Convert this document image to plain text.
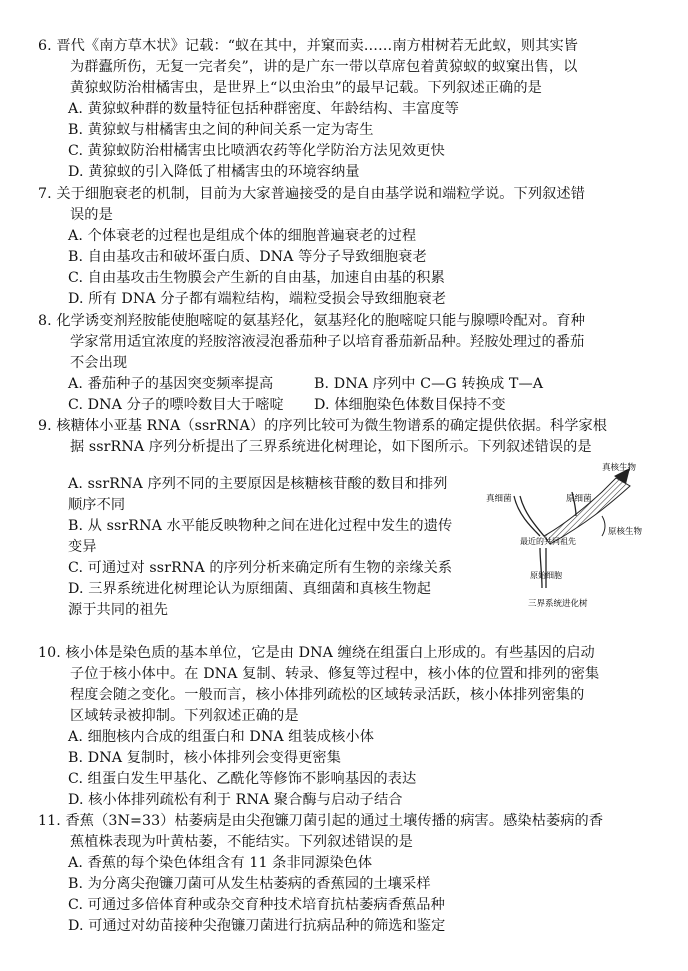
6. 晋代《南方草木状》记载：“蚁在其中，并窠而卖……南方柑树若无此蚁，则其实皆
为群蠹所伤，无复一完者矣”，讲的是广东一带以草席包着黄猄蚁的蚁窠出售，以
黄猄蚁防治柑橘害虫，是世界上“以虫治虫”的最早记载。下列叙述正确的是
A. 黄猄蚁种群的数量特征包括种群密度、年龄结构、丰富度等
B. 黄猄蚁与柑橘害虫之间的种间关系一定为寄生
C. 黄猄蚁防治柑橘害虫比喷洒农药等化学防治方法见效更快
D. 黄猄蚁的引入降低了柑橘害虫的环境容纳量
7. 关于细胞衰老的机制，目前为大家普遍接受的是自由基学说和端粒学说。下列叙述错
误的是
A. 个体衰老的过程也是组成个体的细胞普遍衰老的过程
B. 自由基攻击和破坏蛋白质、DNA 等分子导致细胞衰老
C. 自由基攻击生物膜会产生新的自由基，加速自由基的积累
D. 所有 DNA 分子都有端粒结构，端粒受损会导致细胞衰老
8. 化学诱变剂羟胺能使胞嘧啶的氨基羟化，氨基羟化的胞嘧啶只能与腺嘌呤配对。育种
学家常用适宜浓度的羟胺溶液浸泡番茄种子以培育番茄新品种。羟胺处理过的番茄
不会出现
A. 番茄种子的基因突变频率提高	B. DNA 序列中 C—G 转换成 T—A
C. DNA 分子的嘌呤数目大于嘧啶 D. 体细胞染色体数目保持不变
9. 核糖体小亚基 RNA（ssrRNA）的序列比较可为微生物谱系的确定提供依据。科学家根
据 ssrRNA 序列分析提出了三界系统进化树理论，如下图所示。下列叙述错误的是
A. ssrRNA 序列不同的主要原因是核糖核苷酸的数目和排列
顺序不同
B. 从 ssrRNA 水平能反映物种之间在进化过程中发生的遗传
变异
C. 可通过对 ssrRNA 的序列分析来确定所有生物的亲缘关系
D. 三界系统进化树理论认为原细菌、真细菌和真核生物起
源于共同的祖先
真核生物
真细菌	原细菌
原核生物
最近的共同祖先
原始细胞
三界系统进化树
10. 核小体是染色质的基本单位，它是由 DNA 缠绕在组蛋白上形成的。有些基因的启动
子位于核小体中。在 DNA 复制、转录、修复等过程中，核小体的位置和排列的密集
程度会随之变化。一般而言，核小体排列疏松的区域转录活跃，核小体排列密集的
区域转录被抑制。下列叙述正确的是
A. 细胞核内合成的组蛋白和 DNA 组装成核小体
B. DNA 复制时，核小体排列会变得更密集
C. 组蛋白发生甲基化、乙酰化等修饰不影响基因的表达
D. 核小体排列疏松有利于 RNA 聚合酶与启动子结合
11. 香蕉（3N=33）枯萎病是由尖孢镰刀菌引起的通过土壤传播的病害。感染枯萎病的香
蕉植株表现为叶黄枯萎，不能结实。下列叙述错误的是
A. 香蕉的每个染色体组含有 11 条非同源染色体
B. 为分离尖孢镰刀菌可从发生枯萎病的香蕉园的土壤采样
C. 可通过多倍体育种或杂交育种技术培育抗枯萎病香蕉品种
D. 可通过对幼苗接种尖孢镰刀菌进行抗病品种的筛选和鉴定
